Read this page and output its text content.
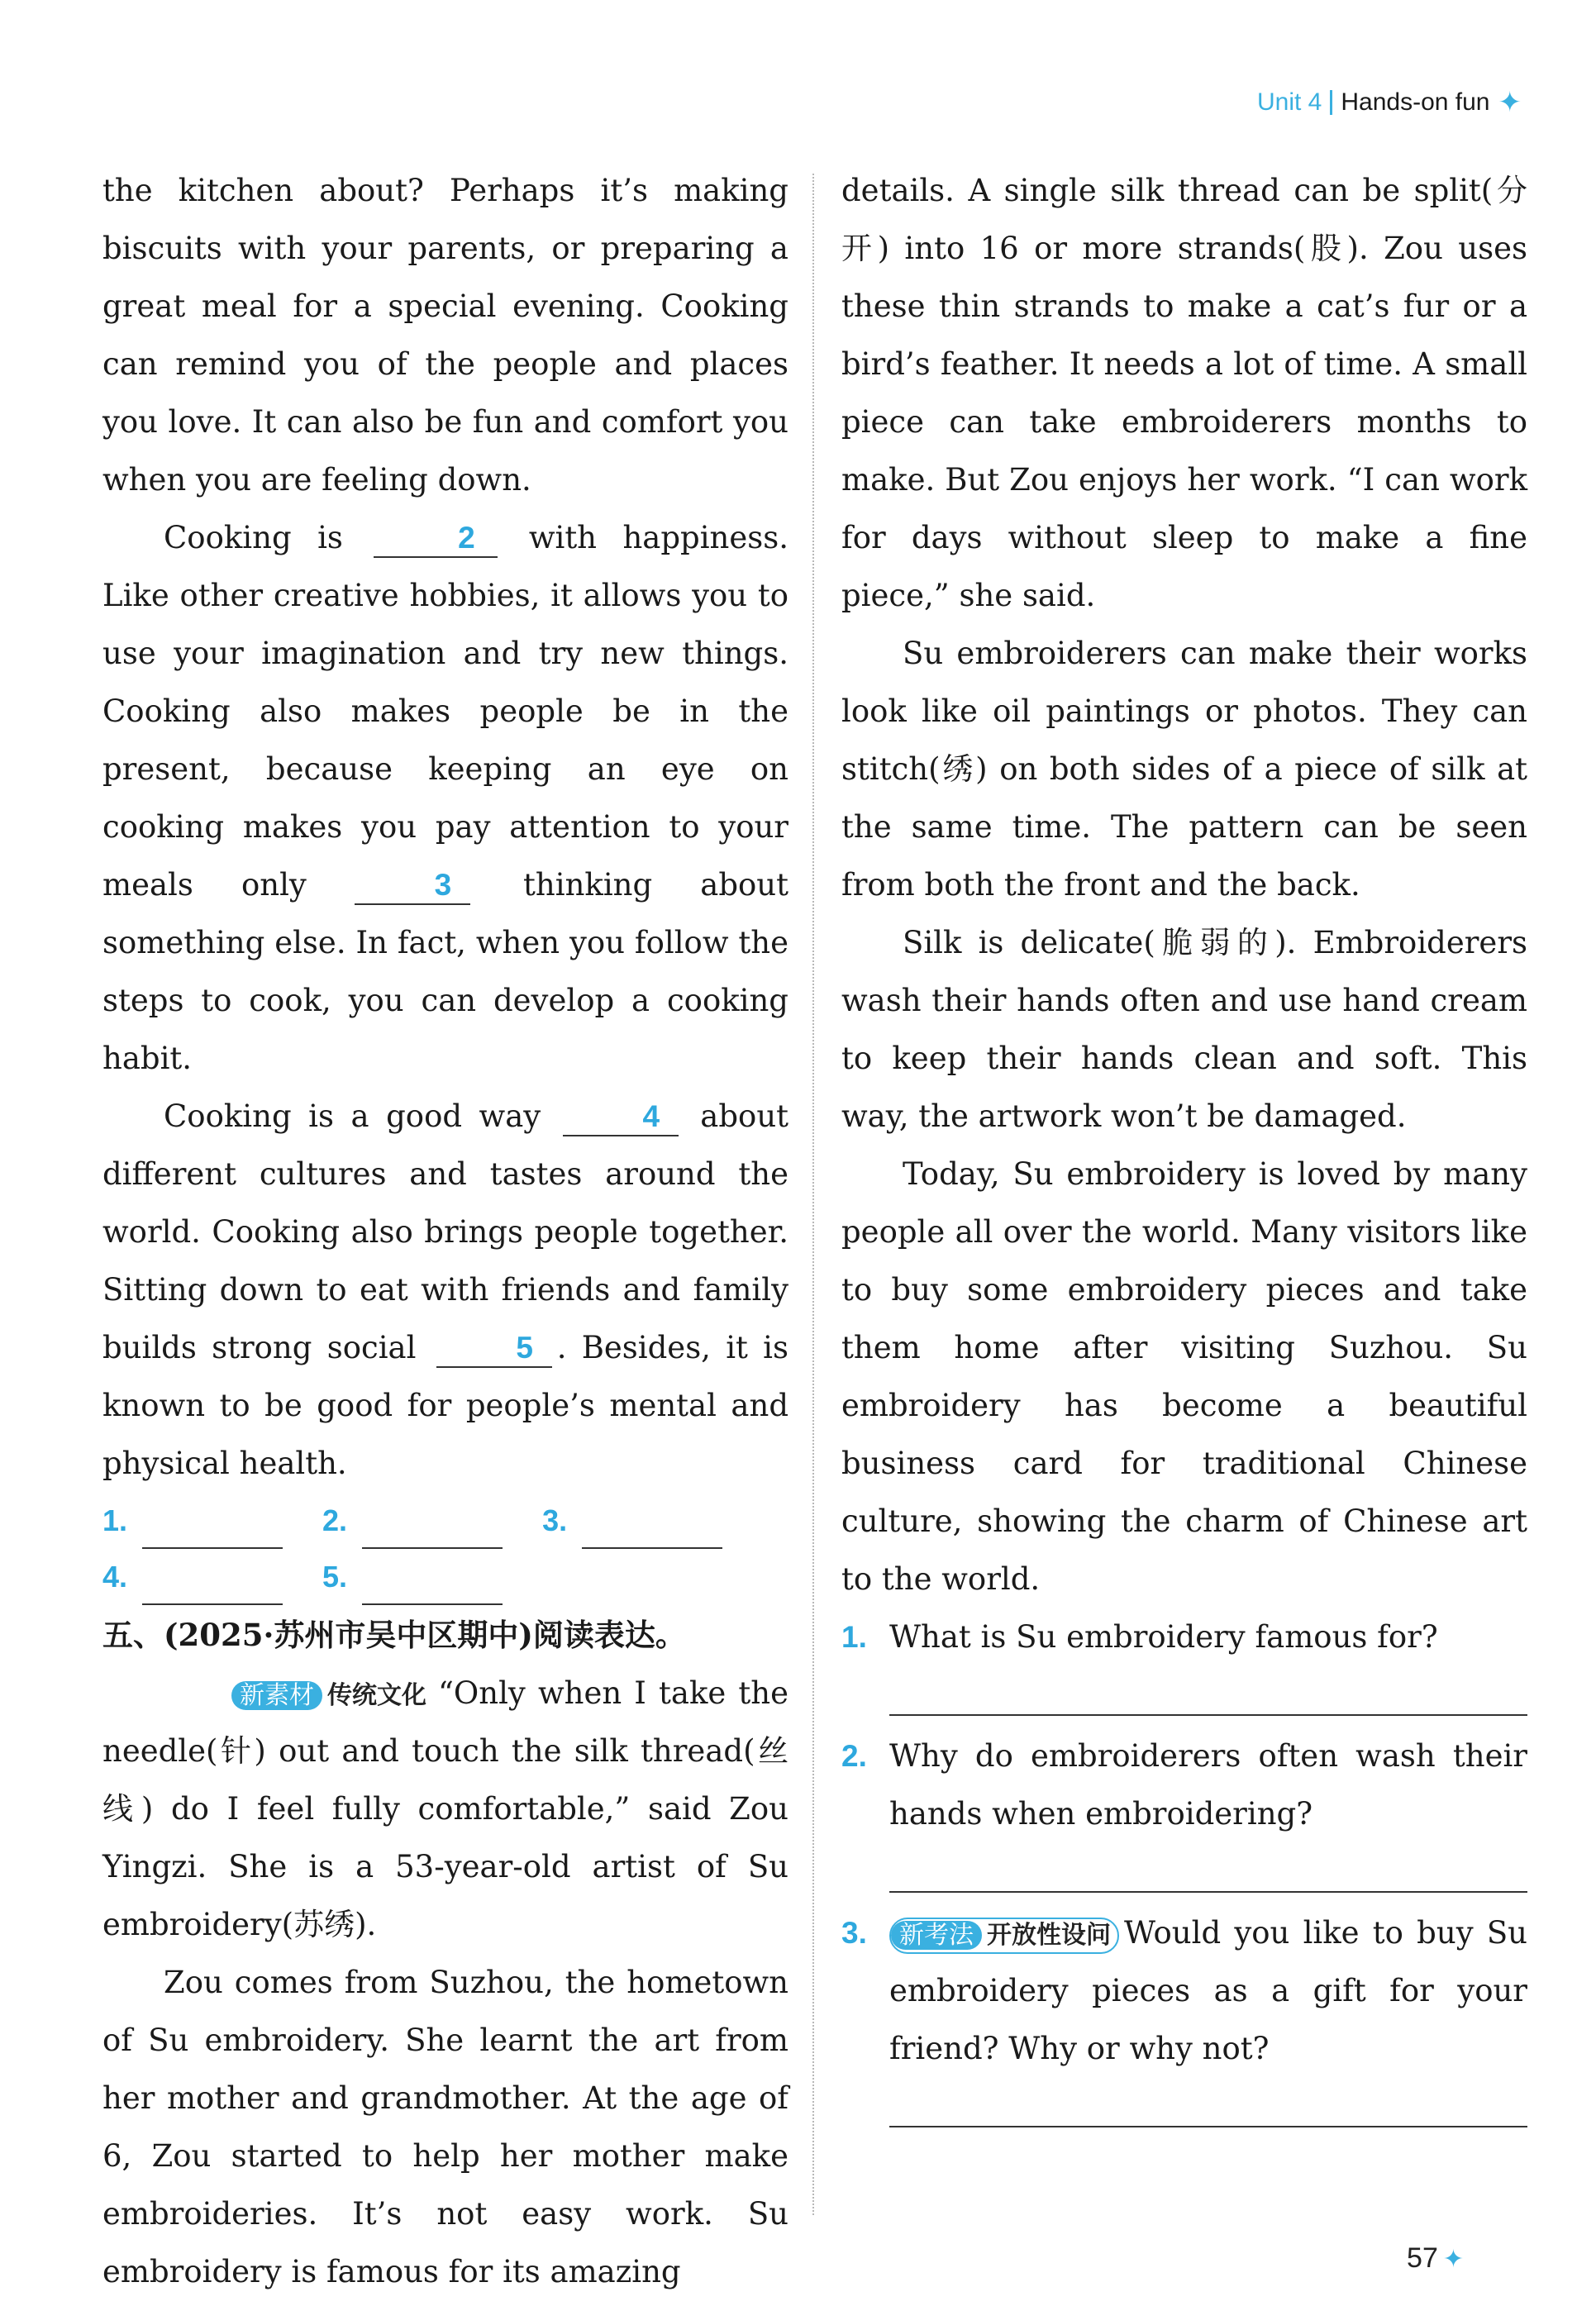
Unit 4 Hands-on fun ✦

the kitchen about? Perhaps it’s making biscuits with your parents, or preparing a great meal for a special evening. Cooking can remind you of the people and places you love. It can also be fun and comfort you when you are feeling down.

Cooking is	2 with happiness. Like other creative hobbies, it allows you to use your imagination and try new things. Cooking also makes people be in the present, because keeping an eye on cooking makes you pay attention to your meals only	3 thinking about something else. In fact, when you follow the steps to cook, you can develop a cooking habit.

Cooking is a good way	4 about different cultures and tastes around the world. Cooking also brings people together. Sitting down to eat with friends and family builds strong social	5 . Besides, it is known to be good for people’s mental and physical health.

1.	2.	3.
4.	5.
五、(2025·苏州市吴中区期中)阅读表达。

新素材 传统文化 “Only when I take the needle(针) out and touch the silk thread(丝线) do I feel fully comfortable,” said Zou Yingzi. She is a 53-year-old artist of Su embroidery(苏绣).

Zou comes from Suzhou, the hometown of Su embroidery. She learnt the art from her mother and grandmother. At the age of 6, Zou started to help her mother make embroideries. It’s not easy work. Su embroidery is famous for its amazing

details. A single silk thread can be split(分开) into 16 or more strands(股). Zou uses these thin strands to make a cat’s fur or a bird’s feather. It needs a lot of time. A small piece can take embroiderers months to make. But Zou enjoys her work. “I can work for days without sleep to make a fine piece,” she said.

Su embroiderers can make their works look like oil paintings or photos. They can stitch(绣) on both sides of a piece of silk at the same time. The pattern can be seen from both the front and the back.

Silk is delicate(脆弱的). Embroiderers wash their hands often and use hand cream to keep their hands clean and soft. This way, the artwork won’t be damaged.

Today, Su embroidery is loved by many people all over the world. Many visitors like to buy some embroidery pieces and take them home after visiting Suzhou. Su embroidery has become a beautiful business card for traditional Chinese culture, showing the charm of Chinese art to the world.

1. What is Su embroidery famous for?
2. Why do embroiderers often wash their hands when embroidering?
3.	新考法 开放性设问 Would you like to buy Su embroidery pieces as a gift for your friend? Why or why not?
57 ✦
